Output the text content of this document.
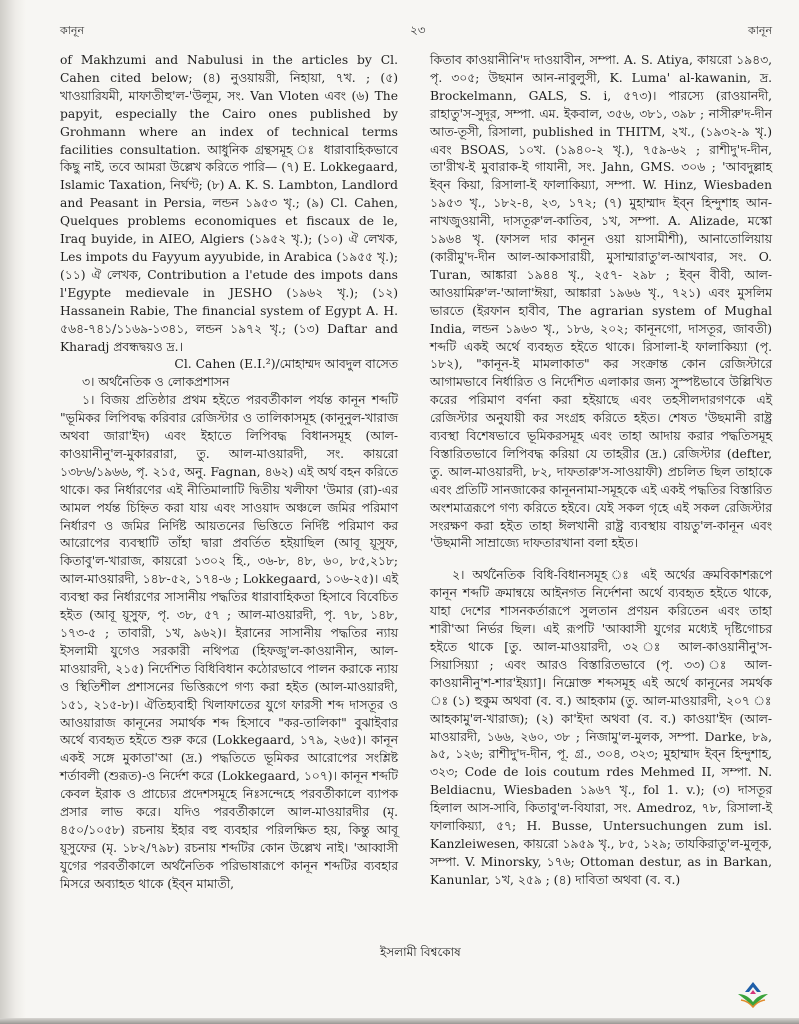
কানূন	২৩	কানূন

of Makhzumi and Nabulusi in the articles by Cl. Cahen cited below; (৪) নুওয়ায়রী, নিহায়া, ৭খ. ; (৫) খাওয়ারিযমী, মাফাতীহু'ল-'উলূম, সং. Van Vloten এবং (৬) The papyit, especially the Cairo ones published by Grohmann where an index of technical terms facilities consultation. আধুনিক গ্রন্থসমূহ ঃ ধারাবাহিকভাবে কিছু নাই, তবে আমরা উল্লেখ করিতে পারি— (৭) E. Lokkegaard, Islamic Taxation, নির্ঘণ্ট; (৮) A. K. S. Lambton, Landlord and Peasant in Persia, লন্ডন ১৯৫৩ খৃ.; (৯) Cl. Cahen, Quelques problems economiques et fiscaux de le, Iraq buyide, in AIEO, Algiers (১৯৫২ খৃ.); (১০) ঐ লেখক, Les impots du Fayyum ayyubide, in Arabica (১৯৫৫ খৃ.); (১১) ঐ লেখক, Contribution a l'etude des impots dans l'Egypte medievale in JESHO (১৯৬২ খৃ.); (১২) Hassanein Rabie, The financial system of Egypt A. H. ৫৬৪-৭৪১/১১৬৯-১৩৪১, লন্ডন ১৯৭২ খৃ.; (১৩) Daftar and Kharadj প্রবন্ধদ্বয়ও দ্র.।

Cl. Cahen (E.I.²)/মোহাম্মদ আবদুল বাসেত

৩। অর্থনৈতিক ও লোকপ্রশাসন

১। বিজয় প্রতিষ্ঠার প্রথম হইতে পরবর্তীকাল পর্যন্ত কানূন শব্দটি "ভূমিকর লিপিবদ্ধ করিবার রেজিস্টার ও তালিকাসমূহ (কানূনুল-খারাজ অথবা জারা'ইদ) এবং ইহাতে লিপিবদ্ধ বিধানসমূহ (আল-কাওয়ানীনু'ল-মুকাররারা, তু. আল-মাওয়ারদী, সং. কায়রো ১৩৮৬/১৯৬৬, পৃ. ২১৫, অনু. Fagnan, ৪৬২) এই অর্থ বহন করিতে থাকে। কর নির্ধারণের এই নীতিমালাটি দ্বিতীয় খলীফা 'উমার (রা)-এর আমল পর্যন্ত চিহ্নিত করা যায় এবং সাওয়াদ অঞ্চলে জমির পরিমাণ নির্ধারণ ও জমির নির্দিষ্ট আয়তনের ভিত্তিতে নির্দিষ্ট পরিমাণ কর আরোপের ব্যবস্থাটি তাঁহা দ্বারা প্রবর্তিত হইয়াছিল (আবূ য়ূসুফ, কিতাবু'ল-খারাজ, কায়রো ১৩০২ হি., ৩৬-৮, ৪৮, ৬০, ৮৫,২১৮; আল-মাওয়ারদী, ১৪৮-৫২, ১৭৪-৬ ; Lokkegaard, ১০৬-২৫)। এই ব্যবস্থা কর নির্ধারণের সাসানীয় পদ্ধতির ধারাবাহিকতা হিসাবে বিবেচিত হইত (আবূ য়ূসুফ, পৃ. ৩৮, ৫৭ ; আল-মাওয়ারদী, পৃ. ৭৮, ১৪৮, ১৭৩-৫ ; তাবারী, ১খ, ৯৬২)। ইরানের সাসানীয় পদ্ধতির ন্যায় ইসলামী যুগেও সরকারী নথিপত্র (হিফজু'ল-কাওয়ানীন, আল-মাওয়ারদী, ২১৫) নির্দেশিত বিধিবিধান কঠোরভাবে পালন করাকে ন্যায় ও স্থিতিশীল প্রশাসনের ভিত্তিরূপে গণ্য করা হইত (আল-মাওয়ারদী, ১৫১, ২১৫-৮)। ঐতিহ্যবাহী খিলাফাতের যুগে ফারসী শব্দ দাসতূর ও আওয়ারাজ কানূনের সমার্থক শব্দ হিসাবে "কর-তালিকা" বুঝাইবার অর্থে ব্যবহৃত হইতে শুরু করে (Lokkegaard, ১৭৯, ২৬৫)। কানূন একই সঙ্গে মুকাতা'আ (দ্র.) পদ্ধতিতে ভূমিকর আরোপের সংশ্লিষ্ট শর্তাবলী (শুরূত)-ও নির্দেশ করে (Lokkegaard, ১০৭)। কানূন শব্দটি কেবল ইরাক ও প্রাচ্যের প্রদেশসমূহে নিঃসন্দেহে পরবর্তীকালে ব্যাপক প্রসার লাভ করে। যদিও পরবর্তীকালে আল-মাওয়ারদীর (মৃ. ৪৫০/১০৫৮) রচনায় ইহার বহু ব্যবহার পরিলক্ষিত হয়, কিন্তু আবূ য়ূসুফের (মৃ. ১৮২/৭৯৮) রচনায় শব্দটির কোন উল্লেখ নাই। 'আব্বাসী যুগের পরবর্তীকালে অর্থনৈতিক পরিভাষারূপে কানূন শব্দটির ব্যবহার মিসরে অব্যাহত থাকে (ইব্ন মামাতী,

কিতাব কাওয়ানীনি'দ দাওয়াবীন, সম্পা. A. S. Atiya, কায়রো ১৯৪৩, পৃ. ৩০৫; উছমান আন-নাবুলুসী, K. Luma' al-kawanin, দ্র. Brockelmann, GALS, S. i, ৫৭৩)। পারস্যে (রাওয়ানদী, রাহাতু'স-সুদূর, সম্পা. এম. ইকবাল, ৩৫৬, ৩৮১, ৩৯৮ ; নাসীরু'দ-দীন আত-তূসী, রিসালা, published in THITM, ২খ., (১৯৩২-৯ খৃ.) এবং BSOAS, ১০খ. (১৯৪০-২ খৃ.), ৭৫৯-৬২ ; রাশীদু'দ-দীন, তা'রীখ-ই মুবারাক-ই গাযানী, সং. Jahn, GMS. ৩০৬ ; 'আবদুল্লাহ ইব্ন কিয়া, রিসালা-ই ফালাকিয়্যা, সম্পা. W. Hinz, Wiesbaden ১৯৫৩ খৃ., ১৮২-৪, ২৩, ১৭২; (৭) মুহাম্মাদ ইব্ন হিন্দুশাহ আন-নাখজুওয়ানী, দাসতূরু'ল-কাতিব, ১খ, সম্পা. A. Alizade, মস্কো ১৯৬৪ খৃ. (ফাসল দার কানূন ওয়া য়াসামীশী), আনাতোলিয়ায় (কারীমু'দ-দীন আল-আকসারায়ী, মুসাম্মারাতু'ল-আখবার, সং. O. Turan, আঙ্কারা ১৯৪৪ খৃ., ২৫৭- ২৯৮ ; ইব্ন বীবী, আল-আওয়ামিরু'ল-'আলা'ঈয়া, আঙ্কারা ১৯৬৬ খৃ., ৭২১) এবং মুসলিম ভারতে (ইরফান হাবীব, The agrarian system of Mughal India, লন্ডন ১৯৬৩ খৃ., ১৮৬, ২০২; কানূনগো, দাসতূর, জাবতী) শব্দটি একই অর্থে ব্যবহৃত হইতে থাকে। রিসালা-ই ফালাকিয়্যা (পৃ. ১৮২), "কানূন-ই মামলাকাত" কর সংক্রান্ত কোন রেজিস্টারে আগামভাবে নির্ধারিত ও নির্দেশিত এলাকার জন্য সুস্পষ্টভাবে উল্লিখিত করের পরিমাণ বর্ণনা করা হইয়াছে এবং তহসীলদারগণকে এই রেজিস্টার অনুযায়ী কর সংগ্রহ করিতে হইত। শেষত 'উছমানী রাষ্ট্র ব্যবস্থা বিশেষভাবে ভূমিকরসমূহ এবং তাহা আদায় করার পদ্ধতিসমূহ বিস্তারিতভাবে লিপিবদ্ধ করিয়া যে তাহরীর (দ্র.) রেজিস্টার (defter, তু. আল-মাওয়ারদী, ৮২, দাফতারু'স-সাওয়াফী) প্রচলিত ছিল তাহাকে এবং প্রতিটি সানজাকের কানূননামা-সমূহকে এই একই পদ্ধতির বিস্তারিত অংশমাত্ররূপে গণ্য করিতে হইবে। যেই সকল গৃহে এই সকল রেজিস্টার সংরক্ষণ করা হইত তাহা ঈলখানী রাষ্ট্র ব্যবস্থায় বায়তু'ল-কানূন এবং 'উছমানী সাম্রাজ্যে দাফতারখানা বলা হইত।

২। অর্থনৈতিক বিধি-বিধানসমূহ ঃ এই অর্থের ক্রমবিকাশরূপে কানূন শব্দটি ক্রমান্বয়ে আইনগত নির্দেশনা অর্থে ব্যবহৃত হইতে থাকে, যাহা দেশের শাসনকর্তারূপে সুলতান প্রণয়ন করিতেন এবং তাহা শারী'আ নির্ভর ছিল। এই রূপটি 'আব্বাসী যুগের মধ্যেই দৃষ্টিগোচর হইতে থাকে [তু. আল-মাওয়ারদী, ৩২ ঃ আল-কাওয়ানীনু'স-সিয়াসিয়্যা ; এবং আরও বিস্তারিতভাবে (পৃ. ৩৩) ঃ আল-কাওয়ানীনু'শ-শার'ইয়্যা]। নিম্নোক্ত শব্দসমূহ এই অর্থে কানূনের সমর্থক ঃ (১) হুকুম অথবা (ব. ব.) আহকাম (তু. আল-মাওয়ারদী, ২০৭ ঃ আহকামু'ল-খারাজ); (২) কা'ইদা অথবা (ব. ব.) কাওয়া'ইদ (আল-মাওয়ারদী, ১৬৬, ২৬০, ৩৮ ; নিজামু'ল-মুলক, সম্পা. Darke, ৮৯, ৯৫, ১২৬; রাশীদু'দ-দীন, পূ. গ্র., ৩০৪, ৩২৩; মুহাম্মাদ ইব্ন হিন্দুশাহ, ৩২৩; Code de lois coutum rdes Mehmed II, সম্পা. N. Beldiacnu, Wiesbaden ১৯৬৭ খৃ., fol 1. v.); (৩) দাসতূর হিলাল আস-সাবি, কিতাবু'ল-বিযারা, সং. Amedroz, ৭৮, রিসালা-ই ফালাকিয়্যা, ৫৭; H. Busse, Untersuchungen zum isl. Kanzleiwesen, কায়রো ১৯৫৯ খৃ., ৮৫, ১২৯; তাযকিরাতু'ল-মুলূক, সম্পা. V. Minorsky, ১৭৬; Ottoman destur, as in Barkan, Kanunlar, ১খ, ২৫৯ ; (৪) দাবিতা অথবা (ব. ব.)

ইসলামী বিশ্বকোষ
